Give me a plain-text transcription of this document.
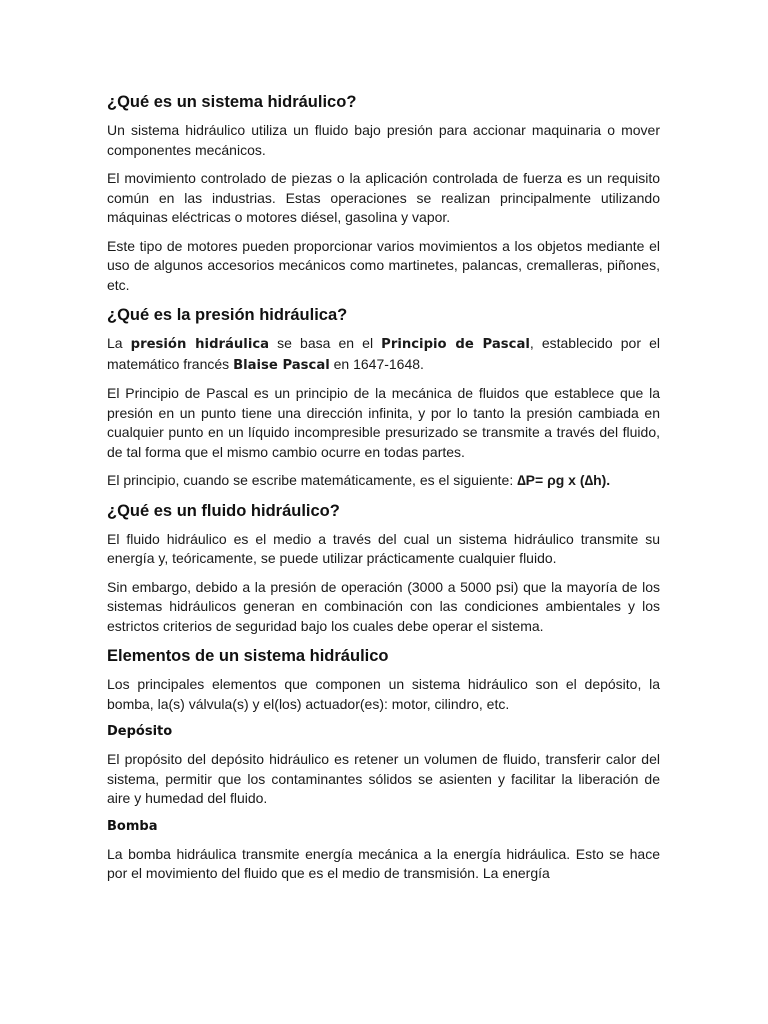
¿Qué es un sistema hidráulico?

Un sistema hidráulico utiliza un fluido bajo presión para accionar maquinaria o mover componentes mecánicos.

El movimiento controlado de piezas o la aplicación controlada de fuerza es un requisito común en las industrias. Estas operaciones se realizan principalmente utilizando máquinas eléctricas o motores diésel, gasolina y vapor.

Este tipo de motores pueden proporcionar varios movimientos a los objetos mediante el uso de algunos accesorios mecánicos como martinetes, palancas, cremalleras, piñones, etc.

¿Qué es la presión hidráulica?

La presión hidráulica se basa en el Principio de Pascal, establecido por el matemático francés Blaise Pascal en 1647-1648.

El Principio de Pascal es un principio de la mecánica de fluidos que establece que la presión en un punto tiene una dirección infinita, y por lo tanto la presión cambiada en cualquier punto en un líquido incompresible presurizado se transmite a través del fluido, de tal forma que el mismo cambio ocurre en todas partes.

El principio, cuando se escribe matemáticamente, es el siguiente: ∆P= ρg x (∆h).

¿Qué es un fluido hidráulico?

El fluido hidráulico es el medio a través del cual un sistema hidráulico transmite su energía y, teóricamente, se puede utilizar prácticamente cualquier fluido.

Sin embargo, debido a la presión de operación (3000 a 5000 psi) que la mayoría de los sistemas hidráulicos generan en combinación con las condiciones ambientales y los estrictos criterios de seguridad bajo los cuales debe operar el sistema.

Elementos de un sistema hidráulico

Los principales elementos que componen un sistema hidráulico son el depósito, la bomba, la(s) válvula(s) y el(los) actuador(es): motor, cilindro, etc.

Depósito

El propósito del depósito hidráulico es retener un volumen de fluido, transferir calor del sistema, permitir que los contaminantes sólidos se asienten y facilitar la liberación de aire y humedad del fluido.

Bomba

La bomba hidráulica transmite energía mecánica a la energía hidráulica. Esto se hace por el movimiento del fluido que es el medio de transmisión. La energía
